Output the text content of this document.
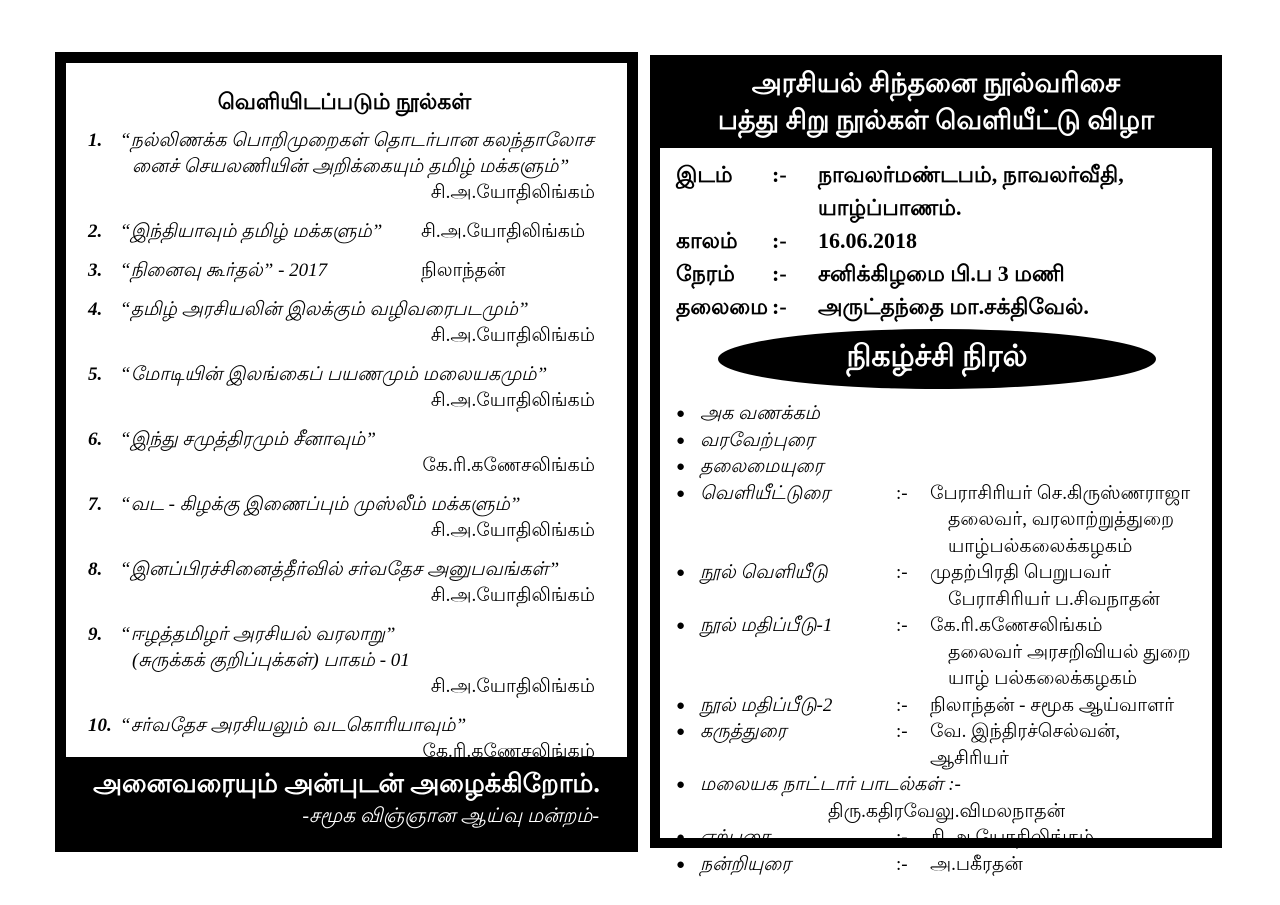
வெளியிடப்படும் நூல்கள்
1. “நல்லிணக்க பொறிமுறைகள் தொடர்பான கலந்தாலோச
னைச் செயலணியின் அறிக்கையும் தமிழ் மக்களும்”
சி.அ.யோதிலிங்கம்
2. “இந்தியாவும் தமிழ் மக்களும்”	சி.அ.யோதிலிங்கம்
3. “நினைவு கூர்தல்” - 2017	நிலாந்தன்
4. “தமிழ் அரசியலின் இலக்கும் வழிவரைபடமும்”
சி.அ.யோதிலிங்கம்
5. “மோடியின் இலங்கைப் பயணமும் மலையகமும்”
சி.அ.யோதிலிங்கம்
6. “இந்து சமுத்திரமும் சீனாவும்”
கே.ரி.கணேசலிங்கம்
7. “வட - கிழக்கு இணைப்பும் முஸ்லீம் மக்களும்”
சி.அ.யோதிலிங்கம்
8. “இனப்பிரச்சினைத்தீர்வில் சர்வதேச அனுபவங்கள்”
சி.அ.யோதிலிங்கம்
9. “ஈழத்தமிழர் அரசியல் வரலாறு”
(சுருக்கக் குறிப்புக்கள்) பாகம் - 01
சி.அ.யோதிலிங்கம்
10. “சர்வதேச அரசியலும் வடகொரியாவும்”
கே.ரி.கணேசலிங்கம்
அனைவரையும் அன்புடன் அழைக்கிறோம்.
-சமூக விஞ்ஞான ஆய்வு மன்றம்-
அரசியல் சிந்தனை நூல்வரிசை
பத்து சிறு நூல்கள் வெளியீட்டு விழா
இடம்	:-	நாவலர்மண்டபம், நாவலர்வீதி,
யாழ்ப்பாணம்.
காலம்	:-	16.06.2018
நேரம்	:-	சனிக்கிழமை பி.ப 3 மணி
தலைமை :-	அருட்தந்தை மா.சக்திவேல்.
நிகழ்ச்சி நிரல்
● அக வணக்கம்
● வரவேற்புரை
● தலைமையுரை
● வெளியீட்டுரை	:-	பேராசிரியர் செ.கிருஸ்ணராஜா
தலைவர், வரலாற்றுத்துறை
யாழ்பல்கலைக்கழகம்
● நூல் வெளியீடு	:-	முதற்பிரதி பெறுபவர்
பேராசிரியர் ப.சிவநாதன்
● நூல் மதிப்பீடு-1	:-	கே.ரி.கணேசலிங்கம்
தலைவர் அரசறிவியல் துறை
யாழ் பல்கலைக்கழகம்
● நூல் மதிப்பீடு-2	:-	நிலாந்தன் - சமூக ஆய்வாளர்
● கருத்துரை	:-	வே. இந்திரச்செல்வன், ஆசிரியர்
● மலையக நாட்டார் பாடல்கள் :-
திரு.கதிரவேலு.விமலநாதன்
● ஏற்புரை	:-	சி.அ.யோதிலிங்கம்
● நன்றியுரை	:-	அ.பகீரதன்
